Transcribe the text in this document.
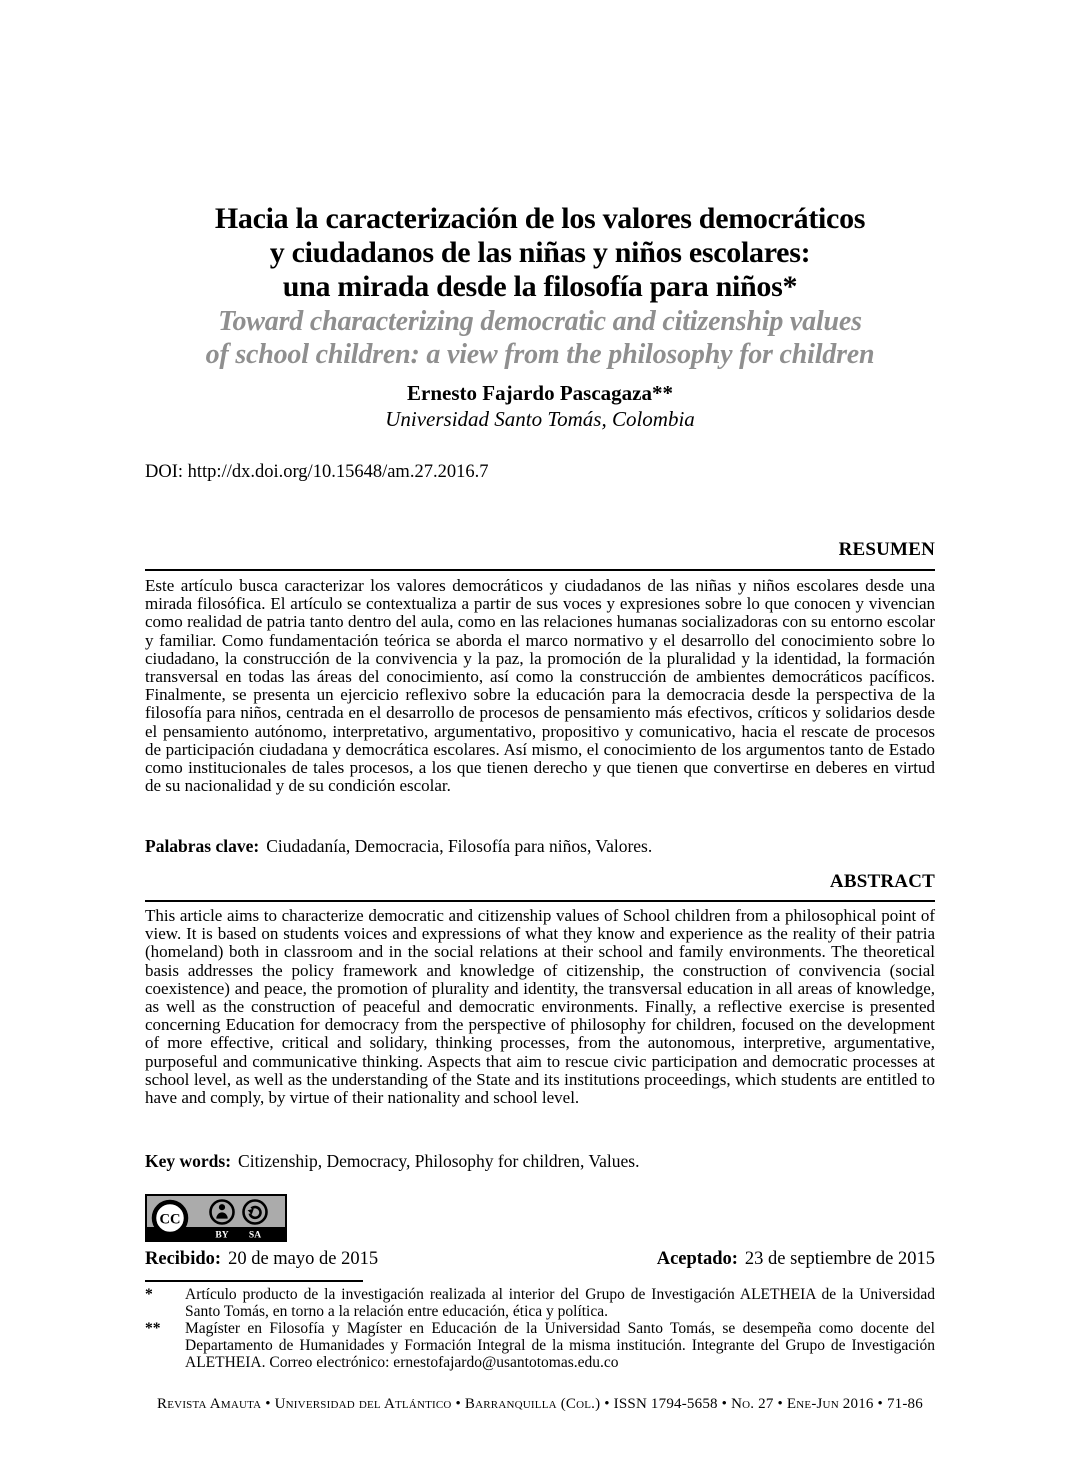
Hacia la caracterización de los valores democráticos
y ciudadanos de las niñas y niños escolares:
una mirada desde la filosofía para niños*
Toward characterizing democratic and citizenship values
of school children: a view from the philosophy for children
Ernesto Fajardo Pascagaza**
Universidad Santo Tomás, Colombia
DOI: http://dx.doi.org/10.15648/am.27.2016.7
RESUMEN
Este artículo busca caracterizar los valores democráticos y ciudadanos de las niñas y niños escolares desde una mirada filosófica. El artículo se contextualiza a partir de sus voces y expresiones sobre lo que conocen y vivencian como realidad de patria tanto dentro del aula, como en las relaciones humanas socializadoras con su entorno escolar y familiar. Como fundamentación teórica se aborda el marco normativo y el desarrollo del conocimiento sobre lo ciudadano, la construcción de la convivencia y la paz, la promoción de la pluralidad y la identidad, la formación transversal en todas las áreas del conocimiento, así como la construcción de ambientes democráticos pacíficos. Finalmente, se presenta un ejercicio reflexivo sobre la educación para la democracia desde la perspectiva de la filosofía para niños, centrada en el desarrollo de procesos de pensamiento más efectivos, críticos y solidarios desde el pensamiento autónomo, interpretativo, argumentativo, propositivo y comunicativo, hacia el rescate de procesos de participación ciudadana y democrática escolares. Así mismo, el conocimiento de los argumentos tanto de Estado como institucionales de tales procesos, a los que tienen derecho y que tienen que convertirse en deberes en virtud de su nacionalidad y de su condición escolar.
Palabras clave: Ciudadanía, Democracia, Filosofía para niños, Valores.
ABSTRACT
This article aims to characterize democratic and citizenship values of School children from a philosophical point of view. It is based on students voices and expressions of what they know and experience as the reality of their patria (homeland) both in classroom and in the social relations at their school and family environments. The theoretical basis addresses the policy framework and knowledge of citizenship, the construction of convivencia (social coexistence) and peace, the promotion of plurality and identity, the transversal education in all areas of knowledge, as well as the construction of peaceful and democratic environments. Finally, a reflective exercise is presented concerning Education for democracy from the perspective of philosophy for children, focused on the development of more effective, critical and solidary, thinking processes, from the autonomous, interpretive, argumentative, purposeful and communicative thinking. Aspects that aim to rescue civic participation and democratic processes at school level, as well as the understanding of the State and its institutions proceedings, which students are entitled to have and comply, by virtue of their nationality and school level.
Key words: Citizenship, Democracy, Philosophy for children, Values.
CC
BY SA
Recibido: 20 de mayo de 2015	Aceptado: 23 de septiembre de 2015
* Artículo producto de la investigación realizada al interior del Grupo de Investigación ALETHEIA de la Universidad Santo Tomás, en torno a la relación entre educación, ética y política.
** Magíster en Filosofía y Magíster en Educación de la Universidad Santo Tomás, se desempeña como docente del Departamento de Humanidades y Formación Integral de la misma institución. Integrante del Grupo de Investigación ALETHEIA. Correo electrónico: ernestofajardo@usantotomas.edu.co
Revista Amauta • Universidad del Atlántico • Barranquilla (Col.) • ISSN 1794-5658 • No. 27 • Ene-Jun 2016 • 71-86
